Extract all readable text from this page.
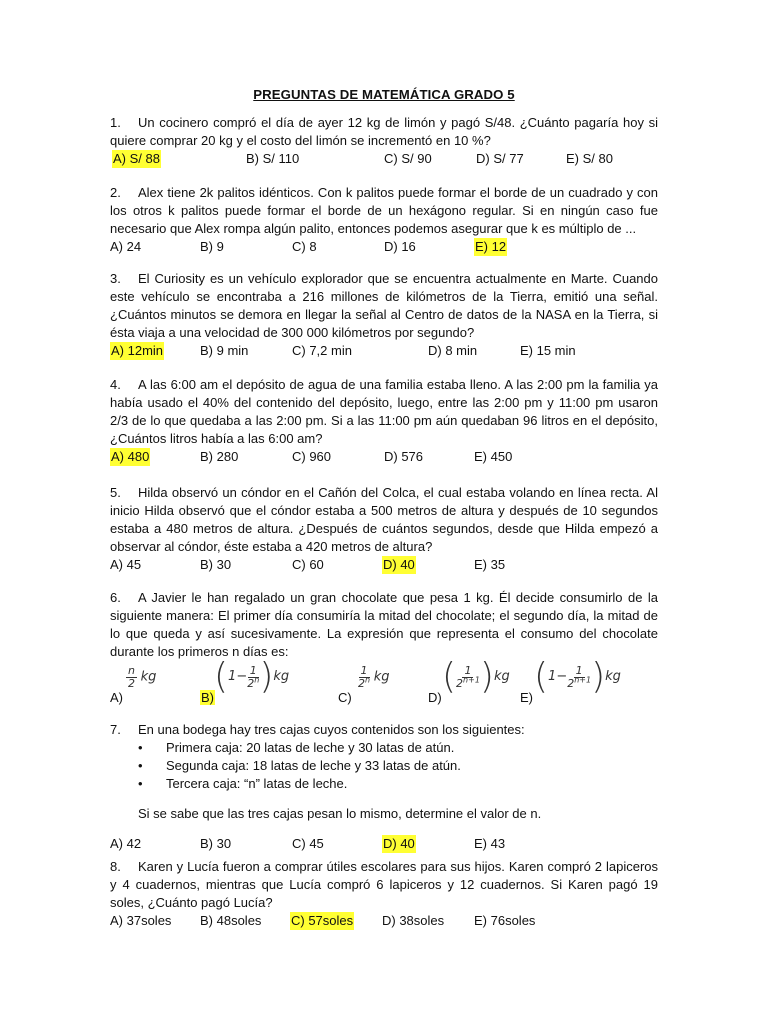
PREGUNTAS DE MATEMÁTICA GRADO 5
1. Un cocinero compró el día de ayer 12 kg de limón y pagó S/48. ¿Cuánto pagaría hoy si quiere comprar 20 kg y el costo del limón se incrementó en 10 %?
A) S/ 88	B) S/ 110	C) S/ 90	D) S/ 77	E) S/ 80
2. Alex tiene 2k palitos idénticos. Con k palitos puede formar el borde de un cuadrado y con los otros k palitos puede formar el borde de un hexágono regular. Si en ningún caso fue necesario que Alex rompa algún palito, entonces podemos asegurar que k es múltiplo de ...
A) 24	B) 9	C) 8	D) 16	E) 12
3. El Curiosity es un vehículo explorador que se encuentra actualmente en Marte. Cuando este vehículo se encontraba a 216 millones de kilómetros de la Tierra, emitió una señal. ¿Cuántos minutos se demora en llegar la señal al Centro de datos de la NASA en la Tierra, si ésta viaja a una velocidad de 300 000 kilómetros por segundo?
A) 12min	B) 9 min	C) 7,2 min	D) 8 min	E) 15 min
4. A las 6:00 am el depósito de agua de una familia estaba lleno. A las 2:00 pm la familia ya había usado el 40% del contenido del depósito, luego, entre las 2:00 pm y 11:00 pm usaron 2/3 de lo que quedaba a las 2:00 pm. Si a las 11:00 pm aún quedaban 96 litros en el depósito, ¿Cuántos litros había a las 6:00 am?
A) 480	B) 280	C) 960	D) 576	E) 450
5. Hilda observó un cóndor en el Cañón del Colca, el cual estaba volando en línea recta. Al inicio Hilda observó que el cóndor estaba a 500 metros de altura y después de 10 segundos estaba a 480 metros de altura. ¿Después de cuántos segundos, desde que Hilda empezó a observar al cóndor, éste estaba a 420 metros de altura?
A) 45	B) 30	C) 60	D) 40	E) 35
6. A Javier le han regalado un gran chocolate que pesa 1 kg. Él decide consumirlo de la siguiente manera: El primer día consumiría la mitad del chocolate; el segundo día, la mitad de lo que queda y así sucesivamente. La expresión que representa el consumo del chocolate durante los primeros n días es:
A)
$\frac{n}{2}$ kg
B)
$(1- \frac{1}{2^n} )kg$
C)
$\frac{1}{2^n}$ kg
D)
( $\frac{1}{2^{n+1}} )kg$
E)
$(1- \frac{1}{2^{n+1}} )kg$
7. En una bodega hay tres cajas cuyos contenidos son los siguientes:
• Primera caja: 20 latas de leche y 30 latas de atún.
• Segunda caja: 18 latas de leche y 33 latas de atún.
• Tercera caja: “n” latas de leche.
Si se sabe que las tres cajas pesan lo mismo, determine el valor de n.
A) 42	B) 30	C) 45	D) 40	E) 43
8. Karen y Lucía fueron a comprar útiles escolares para sus hijos. Karen compró 2 lapiceros y 4 cuadernos, mientras que Lucía compró 6 lapiceros y 12 cuadernos. Si Karen pagó 19 soles, ¿Cuánto pagó Lucía?
A) 37soles B) 48soles C) 57soles D) 38soles E) 76soles
